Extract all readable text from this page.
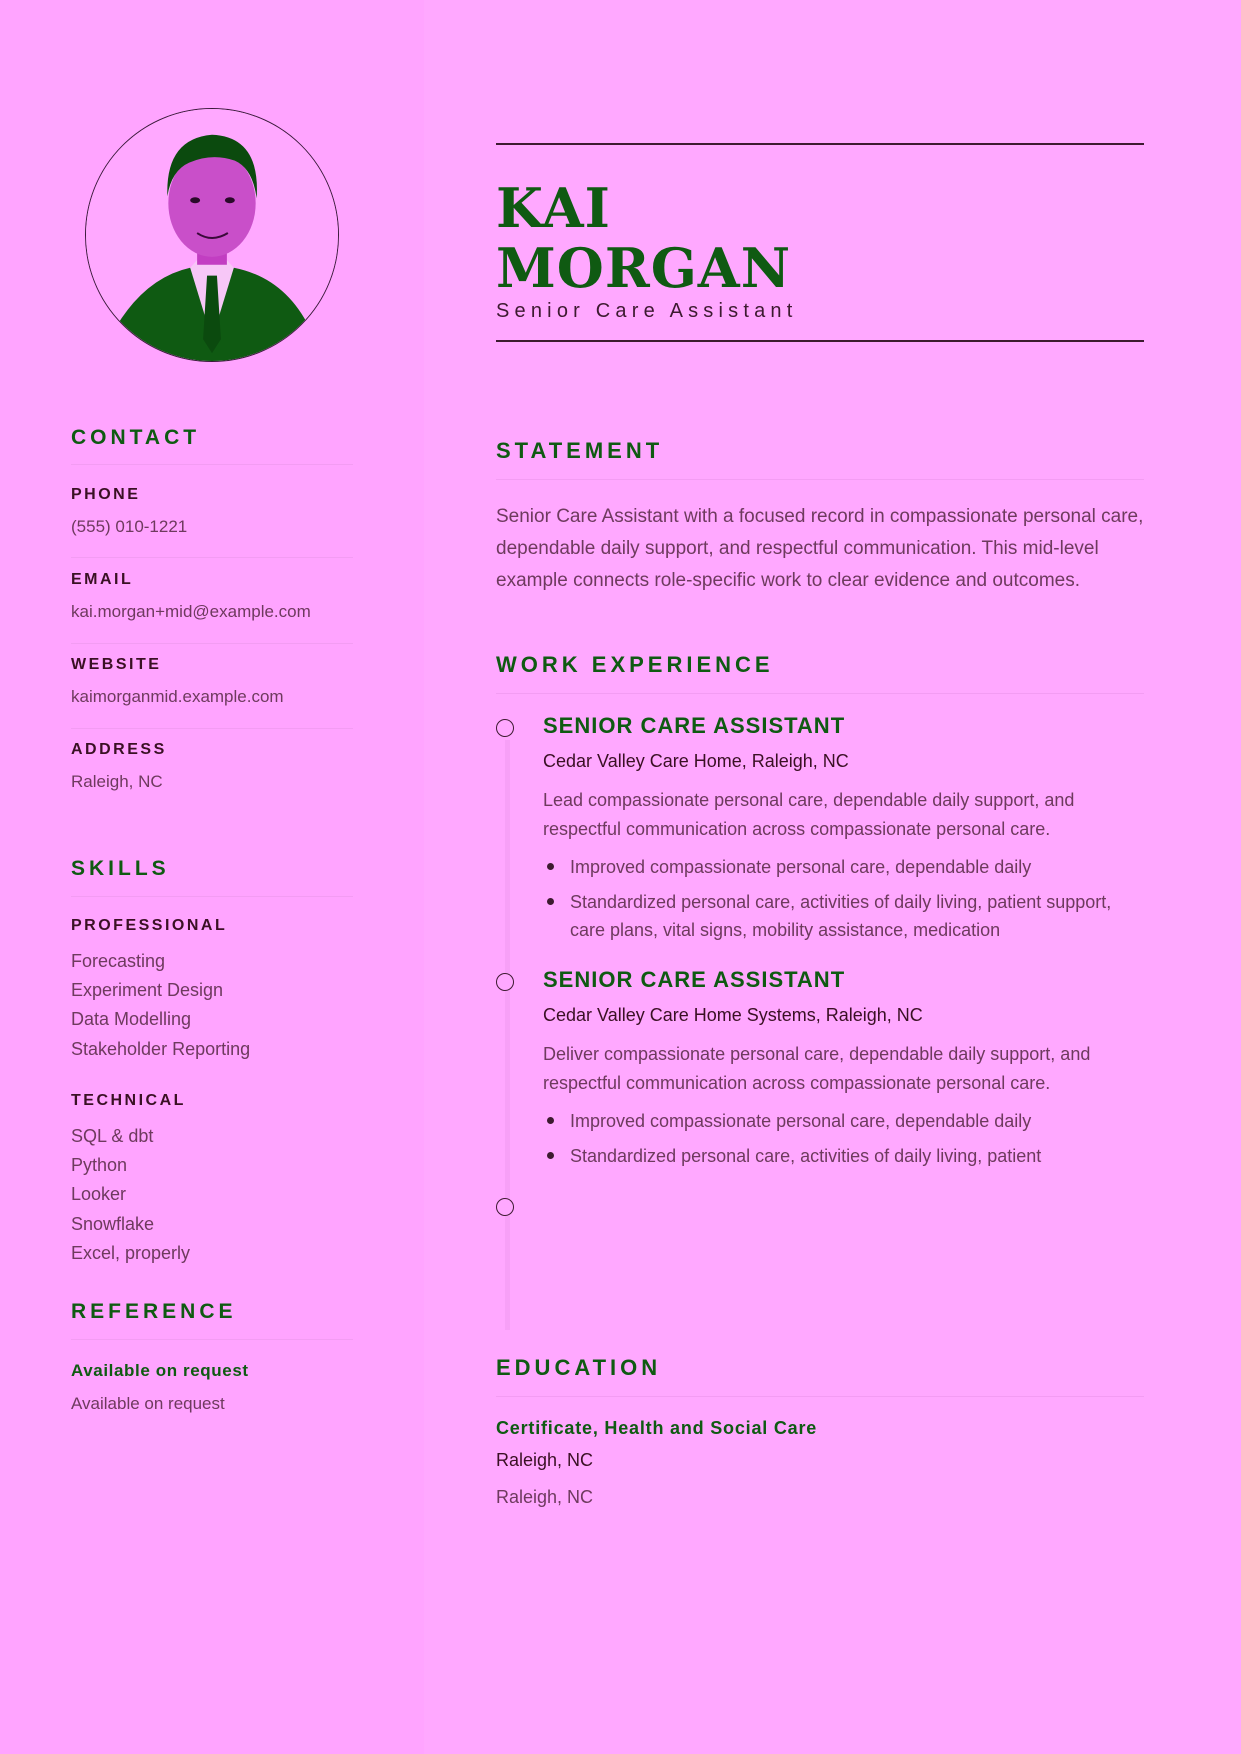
KAI
MORGAN
Senior Care Assistant
CONTACT
PHONE
(555) 010-1221
EMAIL
kai.morgan+mid@example.com
WEBSITE
kaimorganmid.example.com
ADDRESS
Raleigh, NC
SKILLS
PROFESSIONAL
Forecasting
Experiment Design
Data Modelling
Stakeholder Reporting
TECHNICAL
SQL & dbt
Python
Looker
Snowflake
Excel, properly
REFERENCE
Available on request
Available on request
STATEMENT

Senior Care Assistant with a focused record in compassionate personal care, dependable daily support, and respectful communication. This mid-level example connects role-specific work to clear evidence and outcomes.

WORK EXPERIENCE
SENIOR CARE ASSISTANT
Cedar Valley Care Home, Raleigh, NC

Lead compassionate personal care, dependable daily support, and respectful communication across compassionate personal care.

Improved compassionate personal care, dependable daily
Standardized personal care, activities of daily living, patient support, care plans, vital signs, mobility assistance, medication
SENIOR CARE ASSISTANT
Cedar Valley Care Home Systems, Raleigh, NC

Deliver compassionate personal care, dependable daily support, and respectful communication across compassionate personal care.

Improved compassionate personal care, dependable daily
Standardized personal care, activities of daily living, patient
EDUCATION
Certificate, Health and Social Care
Raleigh, NC
Raleigh, NC
